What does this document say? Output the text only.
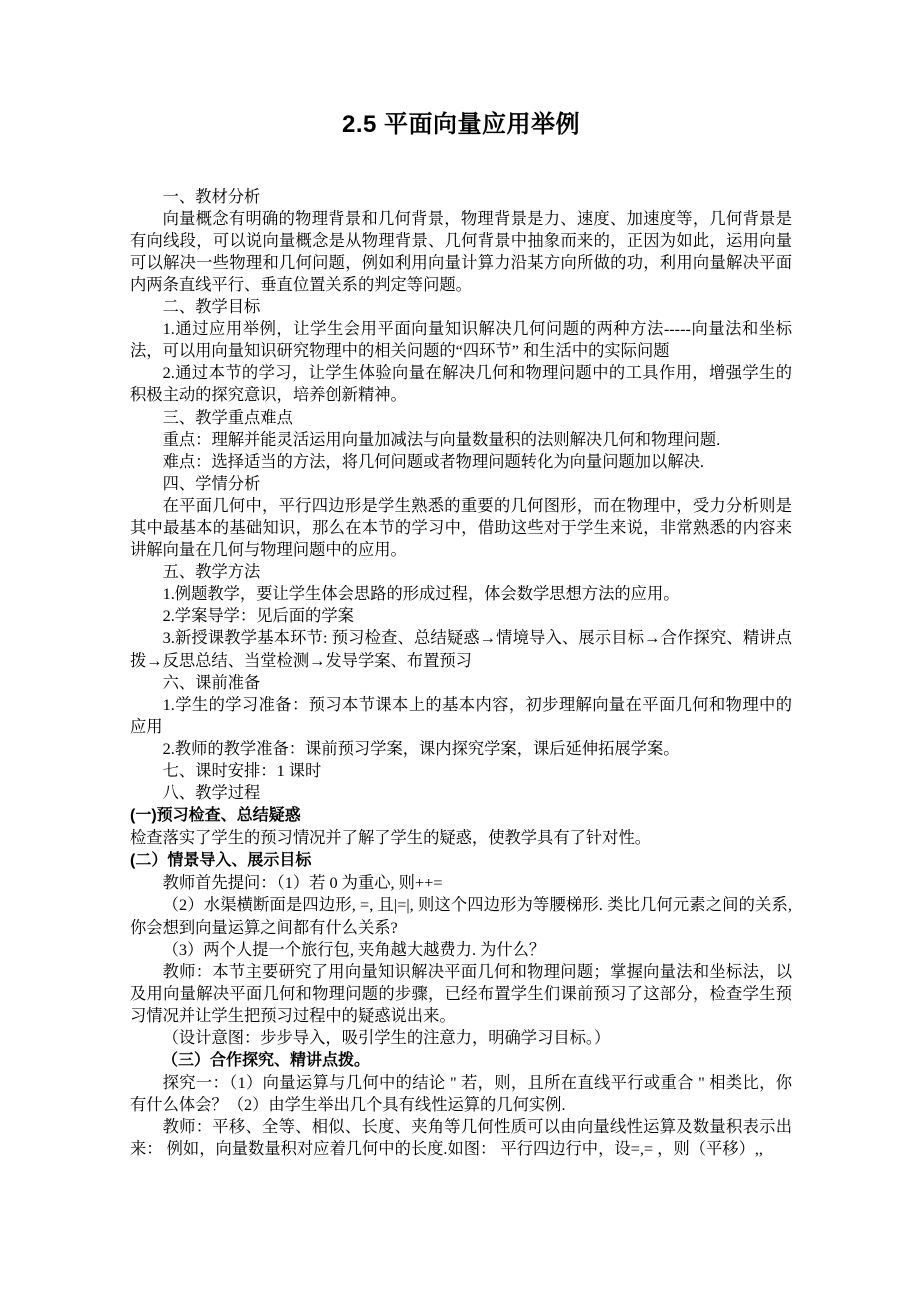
2.5 平面向量应用举例

一、教材分析

向量概念有明确的物理背景和几何背景，物理背景是力、速度、加速度等，几何背景是有向线段，可以说向量概念是从物理背景、几何背景中抽象而来的，正因为如此，运用向量可以解决一些物理和几何问题，例如利用向量计算力沿某方向所做的功，利用向量解决平面内两条直线平行、垂直位置关系的判定等问题。

二、教学目标

1.通过应用举例，让学生会用平面向量知识解决几何问题的两种方法-----向量法和坐标法，可以用向量知识研究物理中的相关问题的“四环节” 和生活中的实际问题

2.通过本节的学习，让学生体验向量在解决几何和物理问题中的工具作用，增强学生的积极主动的探究意识，培养创新精神。

三、教学重点难点

重点：理解并能灵活运用向量加减法与向量数量积的法则解决几何和物理问题.

难点：选择适当的方法，将几何问题或者物理问题转化为向量问题加以解决.

四、学情分析

在平面几何中，平行四边形是学生熟悉的重要的几何图形，而在物理中，受力分析则是其中最基本的基础知识，那么在本节的学习中，借助这些对于学生来说，非常熟悉的内容来讲解向量在几何与物理问题中的应用。

五、教学方法

1.例题教学，要让学生体会思路的形成过程，体会数学思想方法的应用。

2.学案导学：见后面的学案

3.新授课教学基本环节: 预习检查、总结疑惑→情境导入、展示目标→合作探究、精讲点拨→反思总结、当堂检测→发导学案、布置预习

六、课前准备

1.学生的学习准备：预习本节课本上的基本内容，初步理解向量在平面几何和物理中的应用

2.教师的教学准备：课前预习学案，课内探究学案，课后延伸拓展学案。

七、课时安排：1 课时

八、教学过程

(一)预习检查、总结疑惑

检查落实了学生的预习情况并了解了学生的疑惑，使教学具有了针对性。

(二）情景导入、展示目标

教师首先提问：（1）若 0 为重心, 则++=

（2）水渠横断面是四边形, =, 且|=|, 则这个四边形为等腰梯形. 类比几何元素之间的关系, 你会想到向量运算之间都有什么关系?

（3）两个人提一个旅行包, 夹角越大越费力. 为什么？

教师：本节主要研究了用向量知识解决平面几何和物理问题；掌握向量法和坐标法，以及用向量解决平面几何和物理问题的步骤，已经布置学生们课前预习了这部分，检查学生预习情况并让学生把预习过程中的疑惑说出来。

（设计意图：步步导入，吸引学生的注意力，明确学习目标。）

（三）合作探究、精讲点拨。

探究一：（1）向量运算与几何中的结论 " 若，则，且所在直线平行或重合 " 相类比，你有什么体会？（2）由学生举出几个具有线性运算的几何实例.

教师：平移、全等、相似、长度、夹角等几何性质可以由向量线性运算及数量积表示出来： 例如，向量数量积对应着几何中的长度.如图： 平行四边行中，设=,= ，则（平移）,,
